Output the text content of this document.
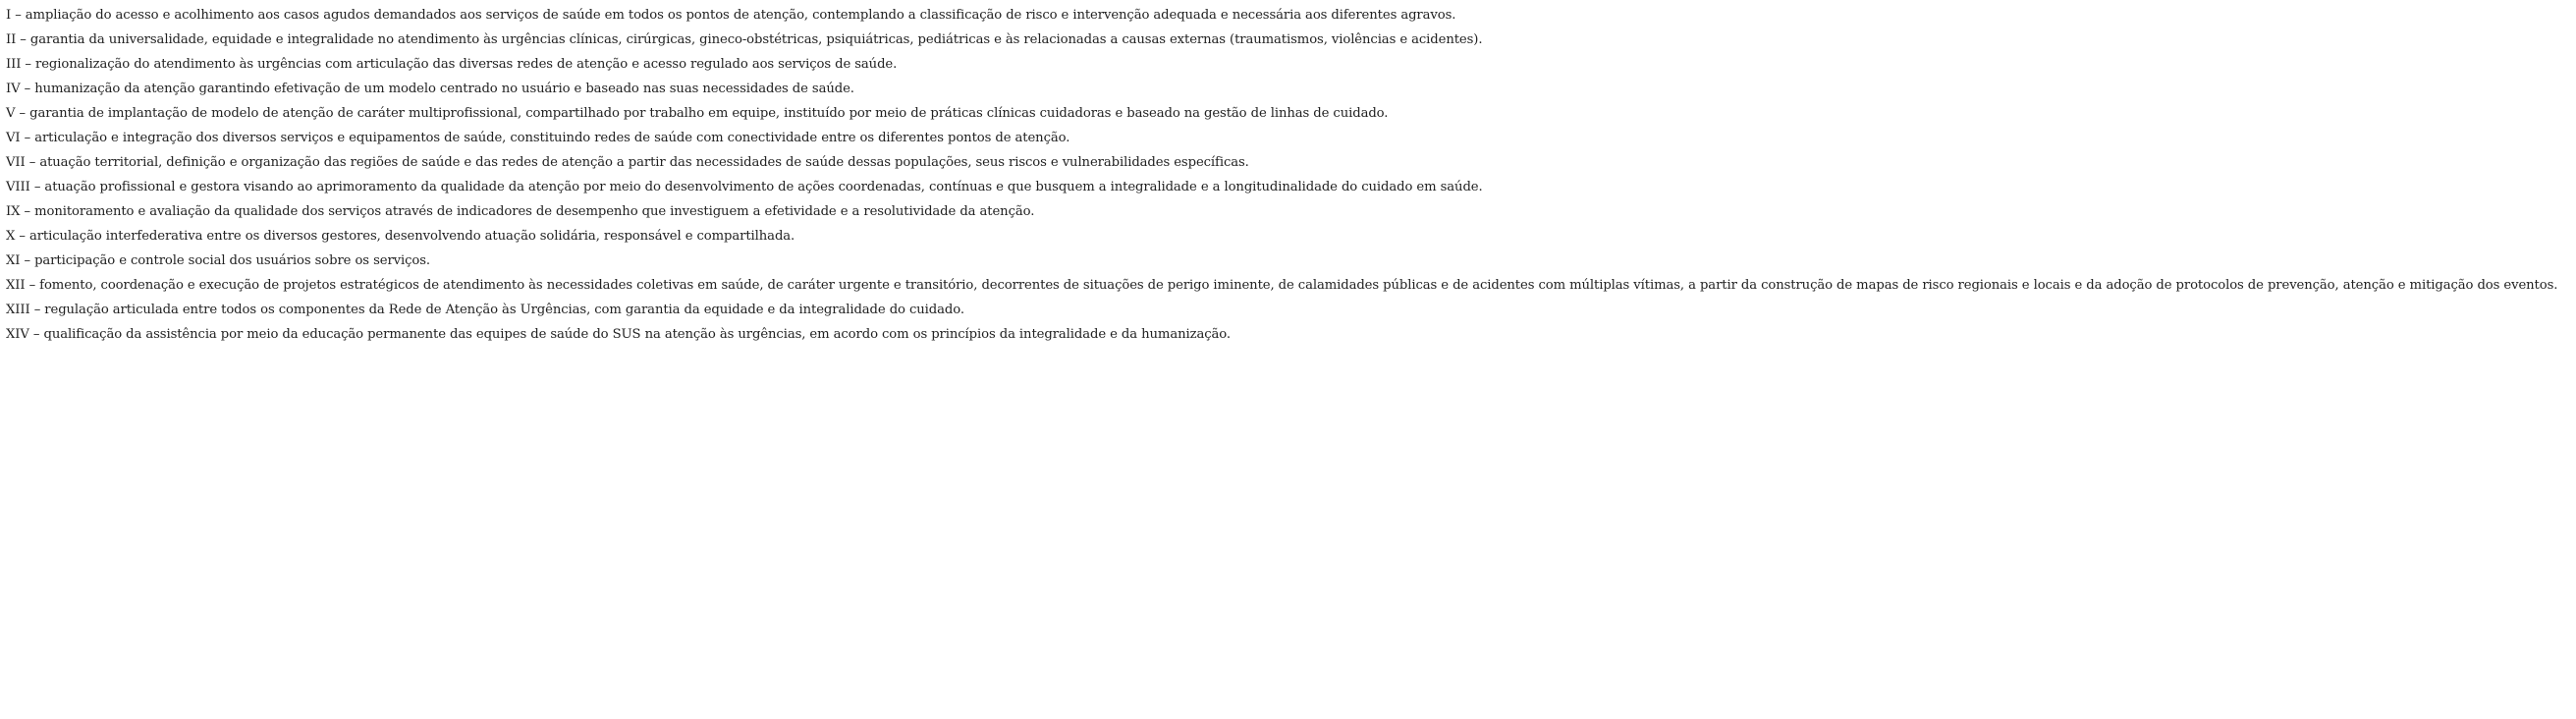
I – ampliação do acesso e acolhimento aos casos agudos demandados aos serviços de saúde em todos os pontos de atenção, contemplando a classificação de risco e intervenção adequada e necessária aos diferentes agravos.
II – garantia da universalidade, equidade e integralidade no atendimento às urgências clínicas, cirúrgicas, gineco-obstétricas, psiquiátricas, pediátricas e às relacionadas a causas externas (traumatismos, violências e acidentes).
III – regionalização do atendimento às urgências com articulação das diversas redes de atenção e acesso regulado aos serviços de saúde.
IV – humanização da atenção garantindo efetivação de um modelo centrado no usuário e baseado nas suas necessidades de saúde.
V – garantia de implantação de modelo de atenção de caráter multiprofissional, compartilhado por trabalho em equipe, instituído por meio de práticas clínicas cuidadoras e baseado na gestão de linhas de cuidado.
VI – articulação e integração dos diversos serviços e equipamentos de saúde, constituindo redes de saúde com conectividade entre os diferentes pontos de atenção.
VII – atuação territorial, definição e organização das regiões de saúde e das redes de atenção a partir das necessidades de saúde dessas populações, seus riscos e vulnerabilidades específicas.
VIII – atuação profissional e gestora visando ao aprimoramento da qualidade da atenção por meio do desenvolvimento de ações coordenadas, contínuas e que busquem a integralidade e a longitudinalidade do cuidado em saúde.
IX – monitoramento e avaliação da qualidade dos serviços através de indicadores de desempenho que investiguem a efetividade e a resolutividade da atenção.
X – articulação interfederativa entre os diversos gestores, desenvolvendo atuação solidária, responsável e compartilhada.
XI – participação e controle social dos usuários sobre os serviços.
XII – fomento, coordenação e execução de projetos estratégicos de atendimento às necessidades coletivas em saúde, de caráter urgente e transitório, decorrentes de situações de perigo iminente, de calamidades públicas e de acidentes com múltiplas vítimas, a partir da construção de mapas de risco regionais e locais e da adoção de protocolos de prevenção, atenção e mitigação dos eventos.
XIII – regulação articulada entre todos os componentes da Rede de Atenção às Urgências, com garantia da equidade e da integralidade do cuidado.
XIV – qualificação da assistência por meio da educação permanente das equipes de saúde do SUS na atenção às urgências, em acordo com os princípios da integralidade e da humanização.
